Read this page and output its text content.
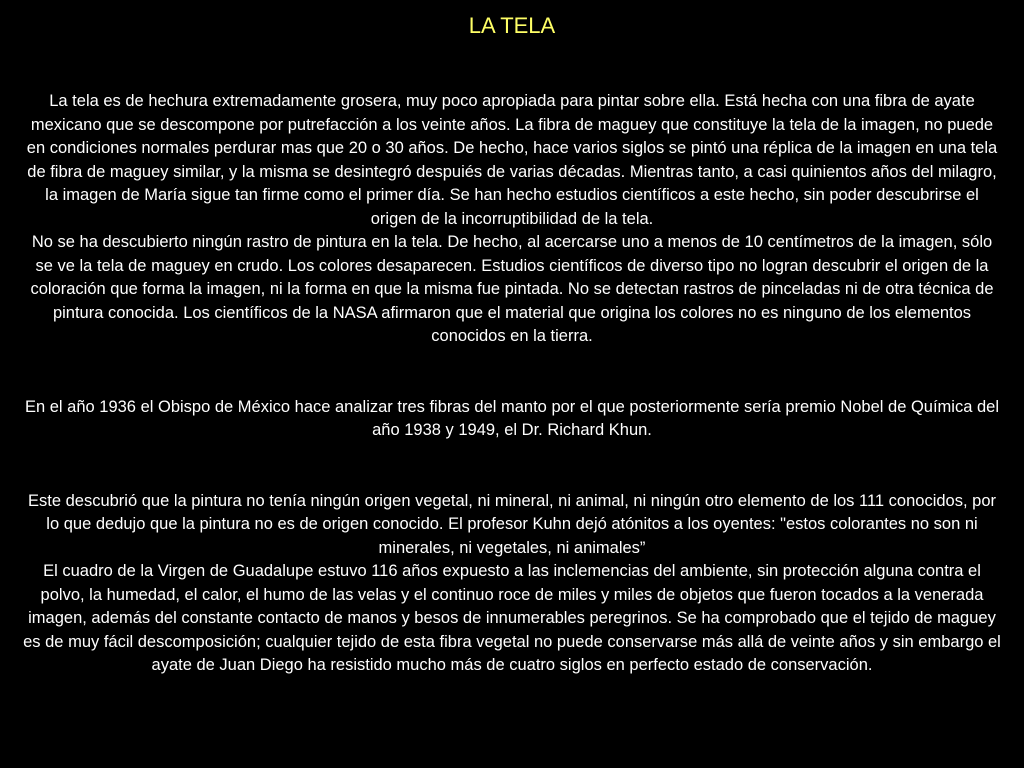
LA TELA

La tela es de hechura extremadamente grosera, muy poco apropiada para pintar sobre ella. Está hecha con una fibra de ayate mexicano que se descompone por putrefacción a los veinte años. La fibra de maguey que constituye la tela de la imagen, no puede en condiciones normales perdurar mas que 20 o 30 años. De hecho, hace varios siglos se pintó una réplica de la imagen en una tela de fibra de maguey similar, y la misma se desintegró despuiés de varias décadas. Mientras tanto, a casi quinientos años del milagro, la imagen de María sigue tan firme como el primer día. Se han hecho estudios científicos a este hecho, sin poder descubrirse el origen de la incorruptibilidad de la tela.

No se ha descubierto ningún rastro de pintura en la tela. De hecho, al acercarse uno a menos de 10 centímetros de la imagen, sólo se ve la tela de maguey en crudo. Los colores desaparecen. Estudios científicos de diverso tipo no logran descubrir el origen de la coloración que forma la imagen, ni la forma en que la misma fue pintada. No se detectan rastros de pinceladas ni de otra técnica de pintura conocida. Los científicos de la NASA afirmaron que el material que origina los colores no es ninguno de los elementos conocidos en la tierra.

En el año 1936 el Obispo de México hace analizar tres fibras del manto por el que posteriormente sería premio Nobel de Química del año 1938 y 1949, el Dr. Richard Khun.

Este descubrió que la pintura no tenía ningún origen vegetal, ni mineral, ni animal, ni ningún otro elemento de los 111 conocidos, por lo que dedujo que la pintura no es de origen conocido. El profesor Kuhn dejó atónitos a los oyentes: "estos colorantes no son ni minerales, ni vegetales, ni animales”

El cuadro de la Virgen de Guadalupe estuvo 116 años expuesto a las inclemencias del ambiente, sin protección alguna contra el polvo, la humedad, el calor, el humo de las velas y el continuo roce de miles y miles de objetos que fueron tocados a la venerada imagen, además del constante contacto de manos y besos de innumerables peregrinos. Se ha comprobado que el tejido de maguey es de muy fácil descomposición; cualquier tejido de esta fibra vegetal no puede conservarse más allá de veinte años y sin embargo el ayate de Juan Diego ha resistido mucho más de cuatro siglos en perfecto estado de conservación.
